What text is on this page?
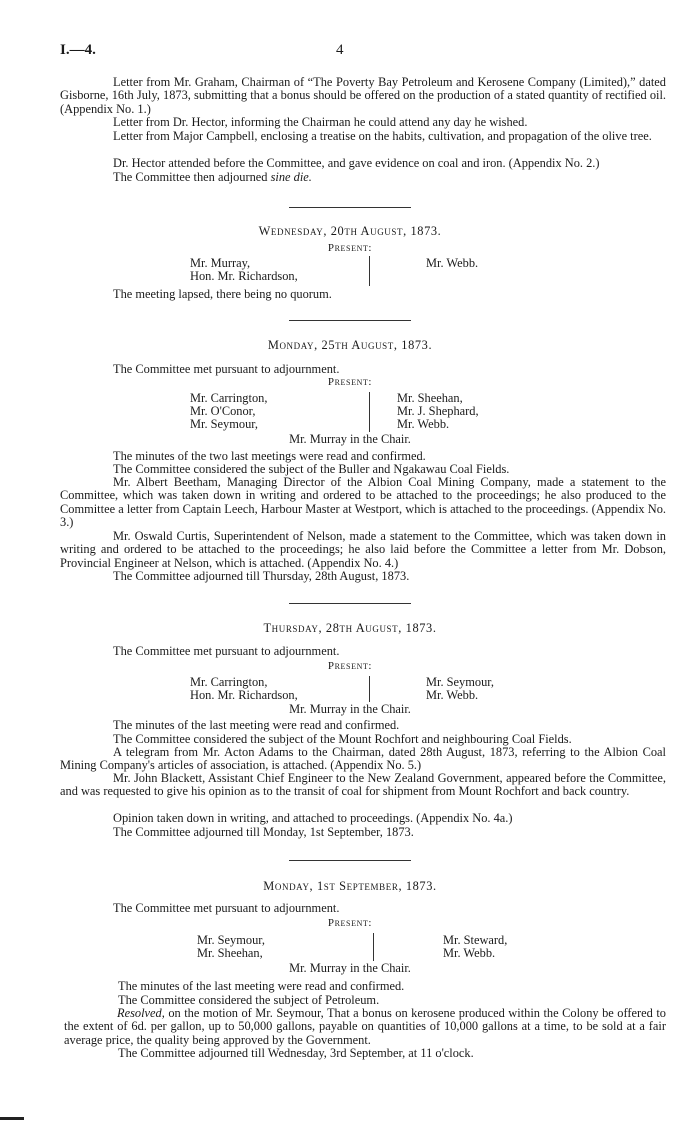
I.—4.	4

Letter from Mr. Graham, Chairman of “The Poverty Bay Petroleum and Kerosene Company (Limited),” dated Gisborne, 16th July, 1873, submitting that a bonus should be offered on the production of a stated quantity of rectified oil. (Appendix No. 1.)

Letter from Dr. Hector, informing the Chairman he could attend any day he wished.

Letter from Major Campbell, enclosing a treatise on the habits, cultivation, and propagation of the olive tree.

Dr. Hector attended before the Committee, and gave evidence on coal and iron. (Appendix No. 2.)

The Committee then adjourned sine die.

Wednesday, 20th August, 1873.

Present:

Mr. Murray,
Hon. Mr. Richardson,
Mr. Webb.

The meeting lapsed, there being no quorum.

Monday, 25th August, 1873.

The Committee met pursuant to adjournment.

Present:

Mr. Carrington,
Mr. O'Conor,
Mr. Seymour,
Mr. Sheehan,
Mr. J. Shephard,
Mr. Webb.

Mr. Murray in the Chair.

The minutes of the two last meetings were read and confirmed.

The Committee considered the subject of the Buller and Ngakawau Coal Fields.

Mr. Albert Beetham, Managing Director of the Albion Coal Mining Company, made a statement to the Committee, which was taken down in writing and ordered to be attached to the proceedings; he also produced to the Committee a letter from Captain Leech, Harbour Master at Westport, which is attached to the proceedings. (Appendix No. 3.)

Mr. Oswald Curtis, Superintendent of Nelson, made a statement to the Committee, which was taken down in writing and ordered to be attached to the proceedings; he also laid before the Committee a letter from Mr. Dobson, Provincial Engineer at Nelson, which is attached. (Appendix No. 4.)

The Committee adjourned till Thursday, 28th August, 1873.

Thursday, 28th August, 1873.

The Committee met pursuant to adjournment.

Present:

Mr. Carrington,
Hon. Mr. Richardson,
Mr. Seymour,
Mr. Webb.

Mr. Murray in the Chair.

The minutes of the last meeting were read and confirmed.

The Committee considered the subject of the Mount Rochfort and neighbouring Coal Fields.

A telegram from Mr. Acton Adams to the Chairman, dated 28th August, 1873, referring to the Albion Coal Mining Company's articles of association, is attached. (Appendix No. 5.)

Mr. John Blackett, Assistant Chief Engineer to the New Zealand Government, appeared before the Committee, and was requested to give his opinion as to the transit of coal for shipment from Mount Rochfort and back country.

Opinion taken down in writing, and attached to proceedings. (Appendix No. 4a.)

The Committee adjourned till Monday, 1st September, 1873.

Monday, 1st September, 1873.

The Committee met pursuant to adjournment.

Present:

Mr. Seymour,
Mr. Sheehan,
Mr. Steward,
Mr. Webb.

Mr. Murray in the Chair.

The minutes of the last meeting were read and confirmed.

The Committee considered the subject of Petroleum.

Resolved, on the motion of Mr. Seymour, That a bonus on kerosene produced within the Colony be offered to the extent of 6d. per gallon, up to 50,000 gallons, payable on quantities of 10,000 gallons at a time, to be sold at a fair average price, the quality being approved by the Government.

The Committee adjourned till Wednesday, 3rd September, at 11 o'clock.
